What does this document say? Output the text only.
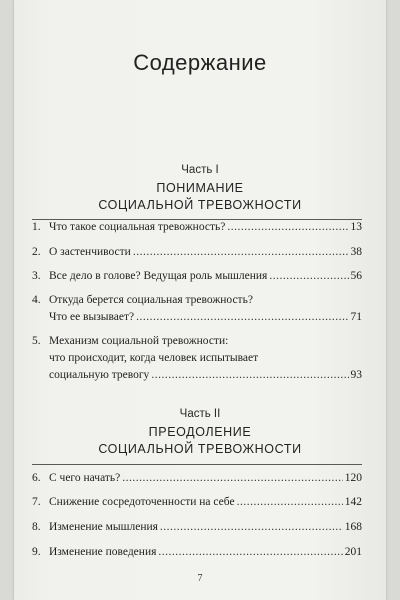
Содержание
Часть I
ПОНИМАНИЕ
СОЦИАЛЬНОЙ ТРЕВОЖНОСТИ
1. Что такое социальная тревожность? .....	13
2. О застенчивости .....	38
3. Все дело в голове? Ведущая роль мышления .....	56
4. Откуда берется социальная тревожность?
Что ее вызывает? .....	71
5. Механизм социальной тревожности:
что происходит, когда человек испытывает
социальную тревогу .....	93
Часть II
ПРЕОДОЛЕНИЕ
СОЦИАЛЬНОЙ ТРЕВОЖНОСТИ
6. С чего начать? .....	120
7. Снижение сосредоточенности на себе .....	142
8. Изменение мышления .....	168
9. Изменение поведения .....	201
7
